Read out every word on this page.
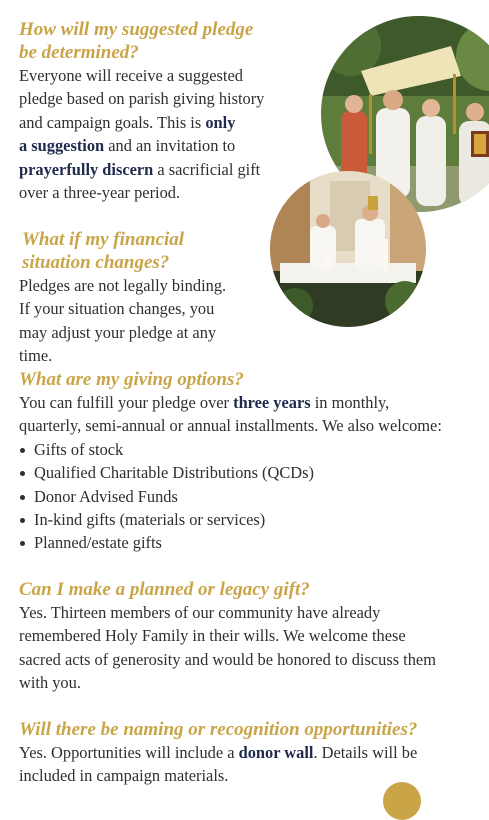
How will my suggested pledge be determined?

Everyone will receive a suggested
pledge based on parish giving history
and campaign goals. This is only
a suggestion and an invitation to
prayerfully discern a sacrificial gift
over a three-year period.

What if my financial situation changes?

Pledges are not legally binding.
If your situation changes, you
may adjust your pledge at any time.

What are my giving options?

You can fulfill your pledge over three years in monthly,
quarterly, semi-annual or annual installments. We also welcome:
Gifts of stock
Qualified Charitable Distributions (QCDs)
Donor Advised Funds
In-kind gifts (materials or services)
Planned/estate gifts

Can I make a planned or legacy gift?

Yes. Thirteen members of our community have already
remembered Holy Family in their wills. We welcome these
sacred acts of generosity and would be honored to discuss them
with you.

Will there be naming or recognition opportunities?

Yes. Opportunities will include a donor wall. Details will be
included in campaign materials.
